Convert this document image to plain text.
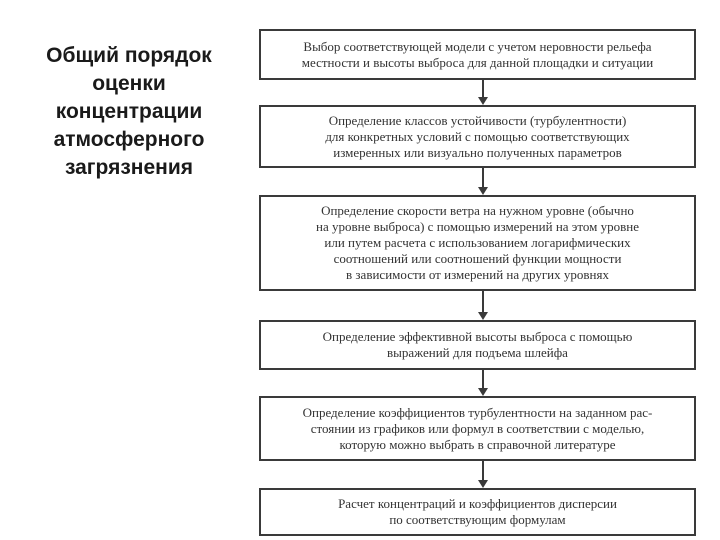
Общий порядок
оценки
концентрации
атмосферного
загрязнения
Выбор соответствующей модели с учетом неровности рельефа
местности и высоты выброса для данной площадки и ситуации
Определение классов устойчивости (турбулентности)
для конкретных условий с помощью соответствующих
измеренных или визуально полученных параметров
Определение скорости ветра на нужном уровне (обычно
на уровне выброса) с помощью измерений на этом уровне
или путем расчета с использованием логарифмических
соотношений или соотношений функции мощности
в зависимости от измерений на других уровнях
Определение эффективной высоты выброса с помощью
выражений для подъема шлейфа
Определение коэффициентов турбулентности на заданном рас-
стоянии из графиков или формул в соответствии с моделью,
которую можно выбрать в справочной литературе
Расчет концентраций и коэффициентов дисперсии
по соответствующим формулам
